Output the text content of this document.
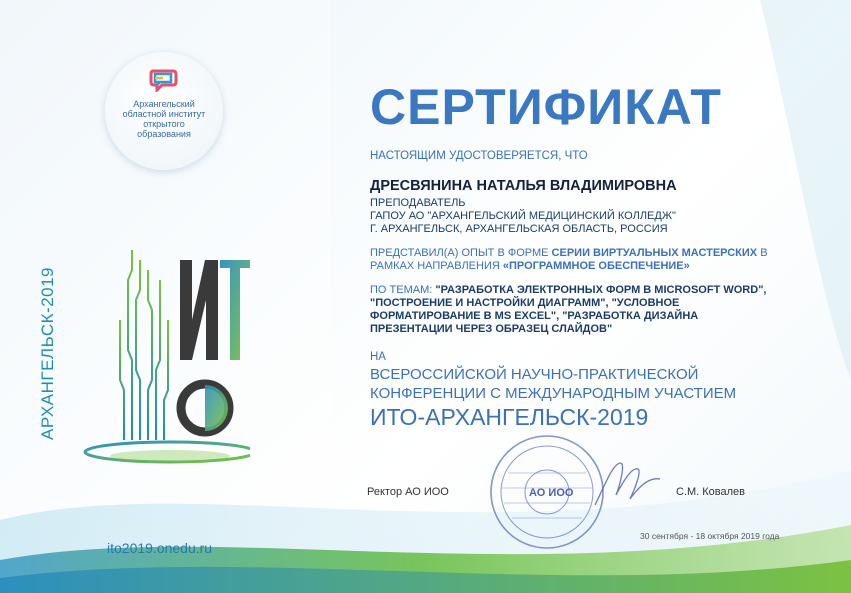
Архангельский
областной институт
открытого
образования
АРХАНГЕЛЬСК-2019
ito2019.onedu.ru
СЕРТИФИКАТ
НАСТОЯЩИМ УДОСТОВЕРЯЕТСЯ, ЧТО
ДРЕСВЯНИНА НАТАЛЬЯ ВЛАДИМИРОВНА
ПРЕПОДАВАТЕЛЬ
ГАПОУ АО "АРХАНГЕЛЬСКИЙ МЕДИЦИНСКИЙ КОЛЛЕДЖ"
Г. АРХАНГЕЛЬСК, АРХАНГЕЛЬСКАЯ ОБЛАСТЬ, РОССИЯ
ПРЕДСТАВИЛ(А) ОПЫТ В ФОРМЕ СЕРИИ ВИРТУАЛЬНЫХ МАСТЕРСКИХ В
РАМКАХ НАПРАВЛЕНИЯ «ПРОГРАММНОЕ ОБЕСПЕЧЕНИЕ»
ПО ТЕМАМ: "РАЗРАБОТКА ЭЛЕКТРОННЫХ ФОРМ В MICROSOFT WORD",
"ПОСТРОЕНИЕ И НАСТРОЙКИ ДИАГРАММ", "УСЛОВНОЕ
ФОРМАТИРОВАНИЕ В MS EXCEL", "РАЗРАБОТКА ДИЗАЙНА
ПРЕЗЕНТАЦИИ ЧЕРЕЗ ОБРАЗЕЦ СЛАЙДОВ"
НА
ВСЕРОССИЙСКОЙ НАУЧНО-ПРАКТИЧЕСКОЙ
КОНФЕРЕНЦИИ С МЕЖДУНАРОДНЫМ УЧАСТИЕМ
ИТО-АРХАНГЕЛЬСК-2019
АО ИОО
Ректор АО ИОО	С.М. Ковалев
30 сентября - 18 октября 2019 года
